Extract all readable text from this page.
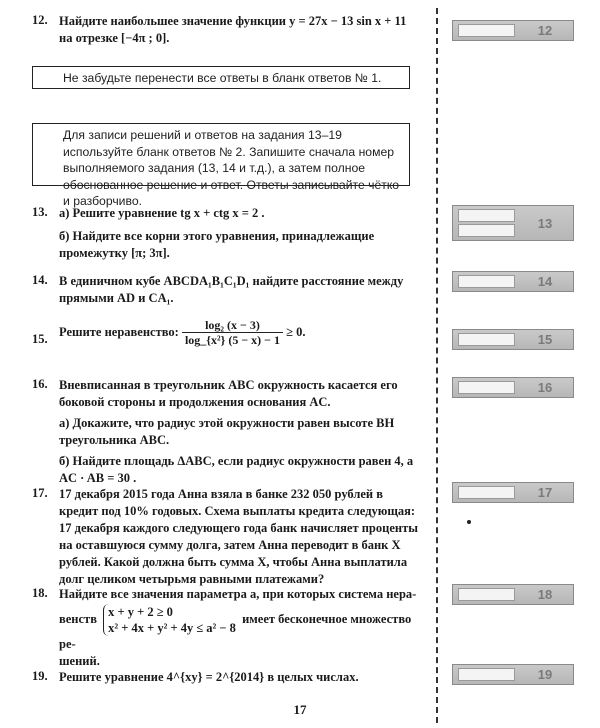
12. Найдите наибольшее значение функции y = 27x − 13 sin x + 11 на отрезке [−4π ; 0].
Не забудьте перенести все ответы в бланк ответов № 1.
Для записи решений и ответов на задания 13–19 используйте бланк ответов № 2. Запишите сначала номер выполняемого задания (13, 14 и т.д.), а затем полное обоснованное решение и ответ. Ответы записывайте чётко и разборчиво.
13. а) Решите уравнение tg x + ctg x = 2 .

б) Найдите все корни этого уравнения, принадлежащие промежутку [π; 3π].

14. В единичном кубе ABCDA₁B₁C₁D₁ найдите расстояние между прямыми AD и CA₁.
15.
Решите неравенство: $\frac{\text{log₂ (x − 3)}}{\text{log\_\{x²\} (5 − x) − 1}} \ge 0$.
16. Вневписанная в треугольник ABC окружность касается его боковой стороны и продолжения основания AC.

а) Докажите, что радиус этой окружности равен высоте BH треугольника ABC.

б) Найдите площадь ΔABC, если радиус окружности равен 4, а AC · AB = 30 .

17. 17 декабря 2015 года Анна взяла в банке 232 050 рублей в кредит под 10% годовых. Схема выплаты кредита следующая: 17 декабря каждого следующего года банк начисляет проценты на оставшуюся сумму долга, затем Анна переводит в банк X рублей. Какой должна быть сумма X, чтобы Анна выплатила долг целиком четырьмя равными платежами?
18. Найдите все значения параметра a, при которых система нера-

венств x + y + 2 ≥ 0
x² + 4x + y² + 4y ≤ a² − 8
имеет бесконечное множество ре-

шений.

19. Решите уравнение 4^{xy} = 2^{2014} в целых числах.
12
13
14
15
16
17
18
19
17
